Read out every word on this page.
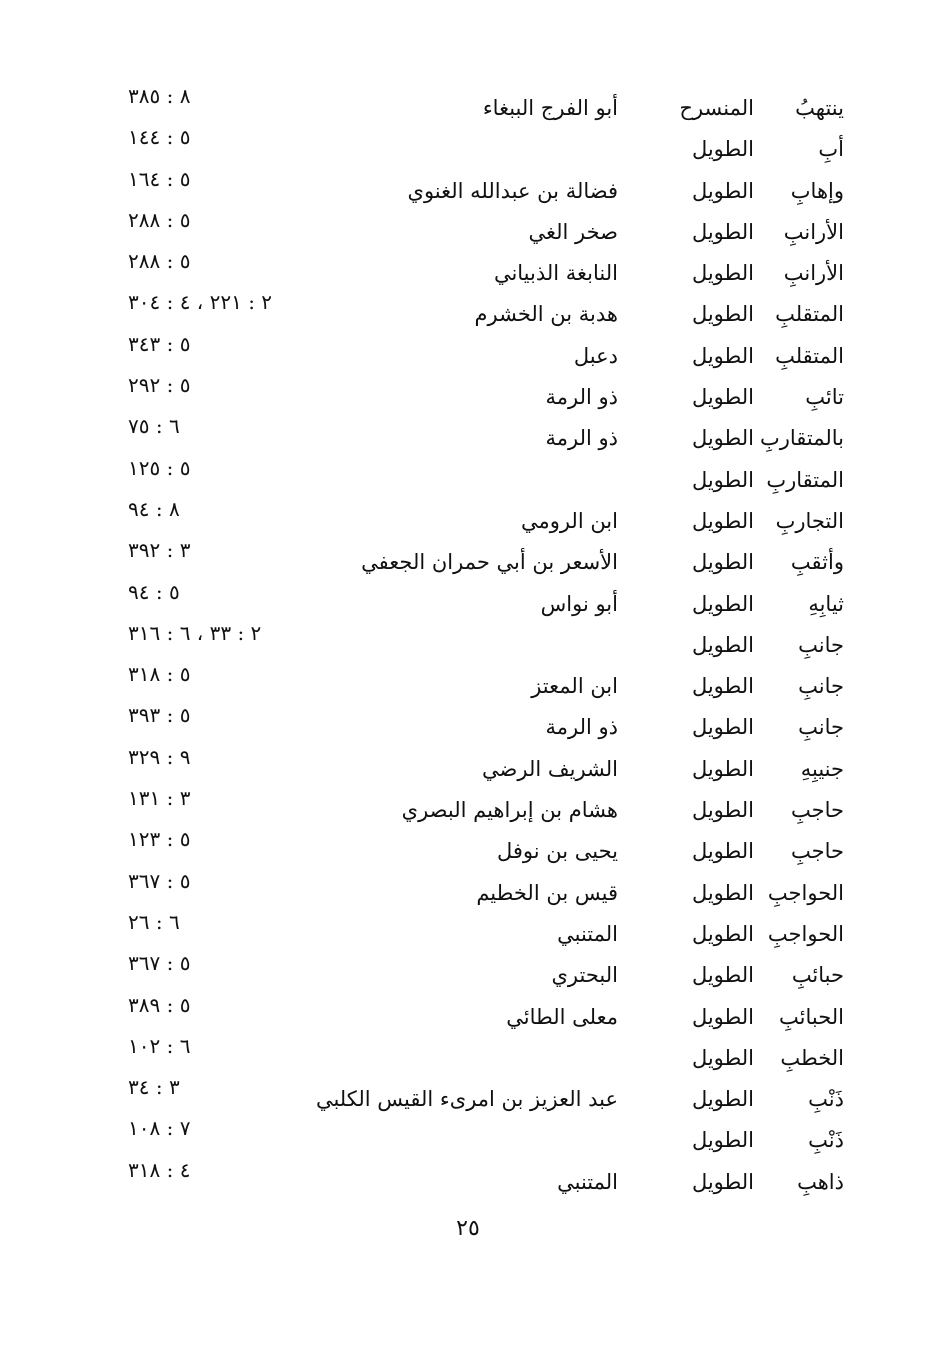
ينتهبُ
المنسرح
أبو الفرج الببغاء
٨ : ٣٨٥
أبِ
الطويل
٥ : ١٤٤
وإهابِ
الطويل
فضالة بن عبدالله الغنوي
٥ : ١٦٤
الأرانبِ
الطويل
صخر الغي
٥ : ٢٨٨
الأرانبِ
الطويل
النابغة الذبياني
٥ : ٢٨٨
المتقلبِ
الطويل
هدبة بن الخشرم
٢ : ٢٢١ ، ٤ : ٣٠٤
المتقلبِ
الطويل
دعبل
٥ : ٣٤٣
تائبِ
الطويل
ذو الرمة
٥ : ٢٩٢
بالمتقاربِ
الطويل
ذو الرمة
٦ : ٧٥
المتقاربِ
الطويل
٥ : ١٢٥
التجاربِ
الطويل
ابن الرومي
٨ : ٩٤
وأثقبِ
الطويل
الأسعر بن أبي حمران الجعفي
٣ : ٣٩٢
ثيابِهِ
الطويل
أبو نواس
٥ : ٩٤
جانبِ
الطويل
٢ : ٣٣ ، ٦ : ٣١٦
جانبِ
الطويل
ابن المعتز
٥ : ٣١٨
جانبِ
الطويل
ذو الرمة
٥ : ٣٩٣
جنيبِهِ
الطويل
الشريف الرضي
٩ : ٣٢٩
حاجبِ
الطويل
هشام بن إبراهيم البصري
٣ : ١٣١
حاجبِ
الطويل
يحيى بن نوفل
٥ : ١٢٣
الحواجبِ
الطويل
قيس بن الخطيم
٥ : ٣٦٧
الحواجبِ
الطويل
المتنبي
٦ : ٢٦
حبائبِ
الطويل
البحتري
٥ : ٣٦٧
الحبائبِ
الطويل
معلى الطائي
٥ : ٣٨٩
الخطبِ
الطويل
٦ : ١٠٢
ذَنْبِ
الطويل
عبد العزيز بن امرىء القيس الكلبي
٣ : ٣٤
ذَنْبِ
الطويل
٧ : ١٠٨
ذاهبِ
الطويل
المتنبي
٤ : ٣١٨
٢٥
